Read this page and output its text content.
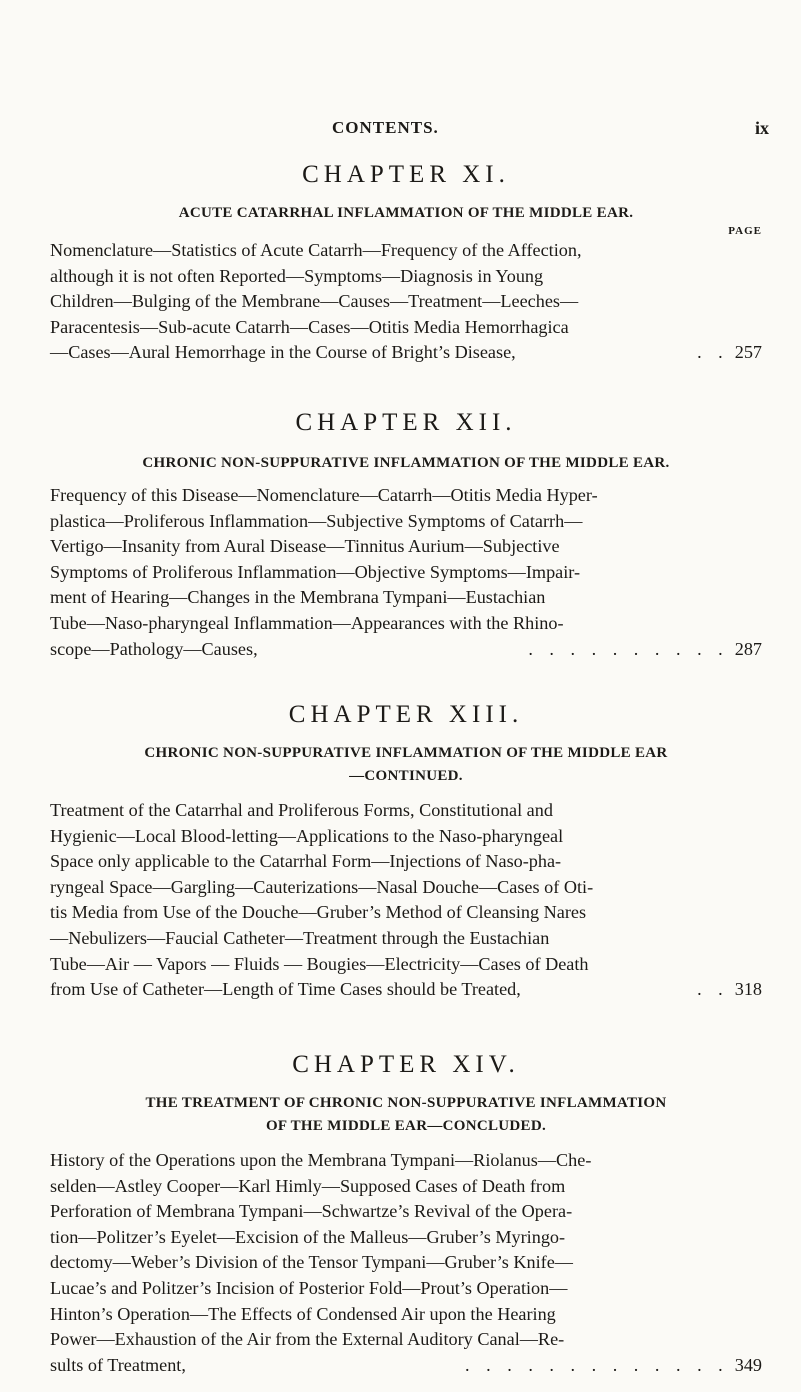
CONTENTS.	ix
CHAPTER XI.

ACUTE CATARRHAL INFLAMMATION OF THE MIDDLE EAR.

PAGE

Nomenclature—Statistics of Acute Catarrh—Frequency of the Affection,
although it is not often Reported—Symptoms—Diagnosis in Young
Children—Bulging of the Membrane—Causes—Treatment—Leeches—
Paracentesis—Sub-acute Catarrh—Cases—Otitis Media Hemorrhagica
—Cases—Aural Hemorrhage in the Course of Bright’s Disease,	. . 257

CHAPTER XII.

CHRONIC NON-SUPPURATIVE INFLAMMATION OF THE MIDDLE EAR.

Frequency of this Disease—Nomenclature—Catarrh—Otitis Media Hyper-
plastica—Proliferous Inflammation—Subjective Symptoms of Catarrh—
Vertigo—Insanity from Aural Disease—Tinnitus Aurium—Subjective
Symptoms of Proliferous Inflammation—Objective Symptoms—Impair-
ment of Hearing—Changes in the Membrana Tympani—Eustachian
Tube—Naso-pharyngeal Inflammation—Appearances with the Rhino-
scope—Pathology—Causes,	. . . . . . . . . . 287

CHAPTER XIII.

CHRONIC NON-SUPPURATIVE INFLAMMATION OF THE MIDDLE EAR

—CONTINUED.

Treatment of the Catarrhal and Proliferous Forms, Constitutional and
Hygienic—Local Blood-letting—Applications to the Naso-pharyngeal
Space only applicable to the Catarrhal Form—Injections of Naso-pha-
ryngeal Space—Gargling—Cauterizations—Nasal Douche—Cases of Oti-
tis Media from Use of the Douche—Gruber’s Method of Cleansing Nares
—Nebulizers—Faucial Catheter—Treatment through the Eustachian
Tube—Air — Vapors — Fluids — Bougies—Electricity—Cases of Death
from Use of Catheter—Length of Time Cases should be Treated,	. . 318

CHAPTER XIV.

THE TREATMENT OF CHRONIC NON-SUPPURATIVE INFLAMMATION

OF THE MIDDLE EAR—CONCLUDED.

History of the Operations upon the Membrana Tympani—Riolanus—Che-
selden—Astley Cooper—Karl Himly—Supposed Cases of Death from
Perforation of Membrana Tympani—Schwartze’s Revival of the Opera-
tion—Politzer’s Eyelet—Excision of the Malleus—Gruber’s Myringo-
dectomy—Weber’s Division of the Tensor Tympani—Gruber’s Knife—
Lucae’s and Politzer’s Incision of Posterior Fold—Prout’s Operation—
Hinton’s Operation—The Effects of Condensed Air upon the Hearing
Power—Exhaustion of the Air from the External Auditory Canal—Re-
sults of Treatment,	. . . . . . . . . . . . . 349
